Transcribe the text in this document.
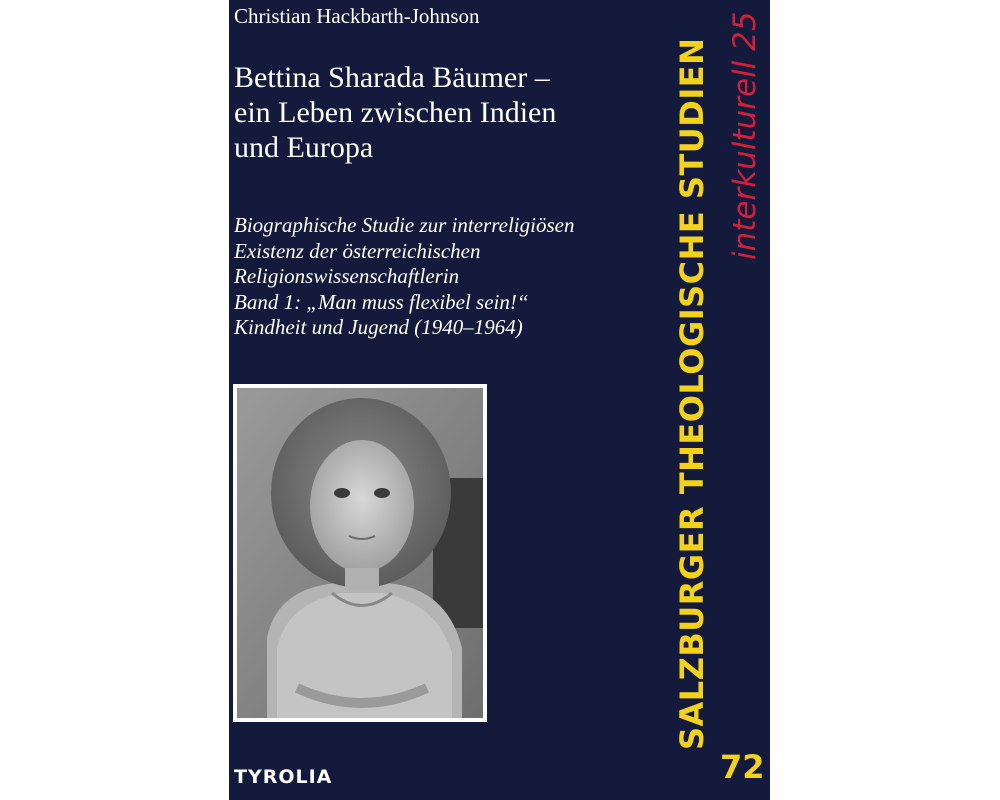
Christian Hackbarth-Johnson
Bettina Sharada Bäumer –
ein Leben zwischen Indien
und Europa
Biographische Studie zur interreligiösen
Existenz der österreichischen
Religionswissenschaftlerin
Band 1: „Man muss flexibel sein!“
Kindheit und Jugend (1940–1964)
TYROLIA
SALZBURGER THEOLOGISCHE STUDIEN interkulturell 25
72
